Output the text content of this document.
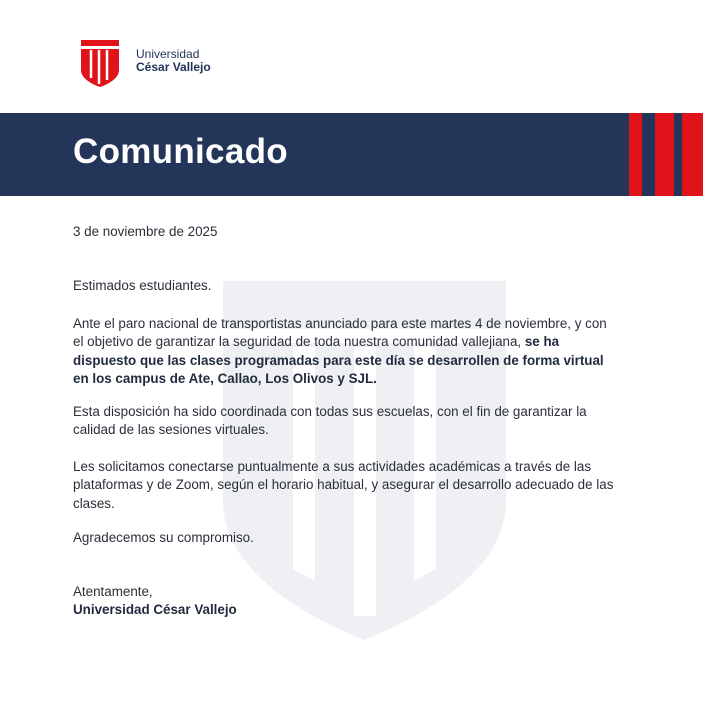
Universidad
César Vallejo
Comunicado

3 de noviembre de 2025

Estimados estudiantes.

Ante el paro nacional de transportistas anunciado para este martes 4 de noviembre, y con el objetivo de garantizar la seguridad de toda nuestra comunidad vallejiana, se ha dispuesto que las clases programadas para este día se desarrollen de forma virtual en los campus de Ate, Callao, Los Olivos y SJL.

Esta disposición ha sido coordinada con todas sus escuelas, con el fin de garantizar la calidad de las sesiones virtuales.

Les solicitamos conectarse puntualmente a sus actividades académicas a través de las plataformas y de Zoom, según el horario habitual, y asegurar el desarrollo adecuado de las clases.

Agradecemos su compromiso.

Atentamente,

Universidad César Vallejo
